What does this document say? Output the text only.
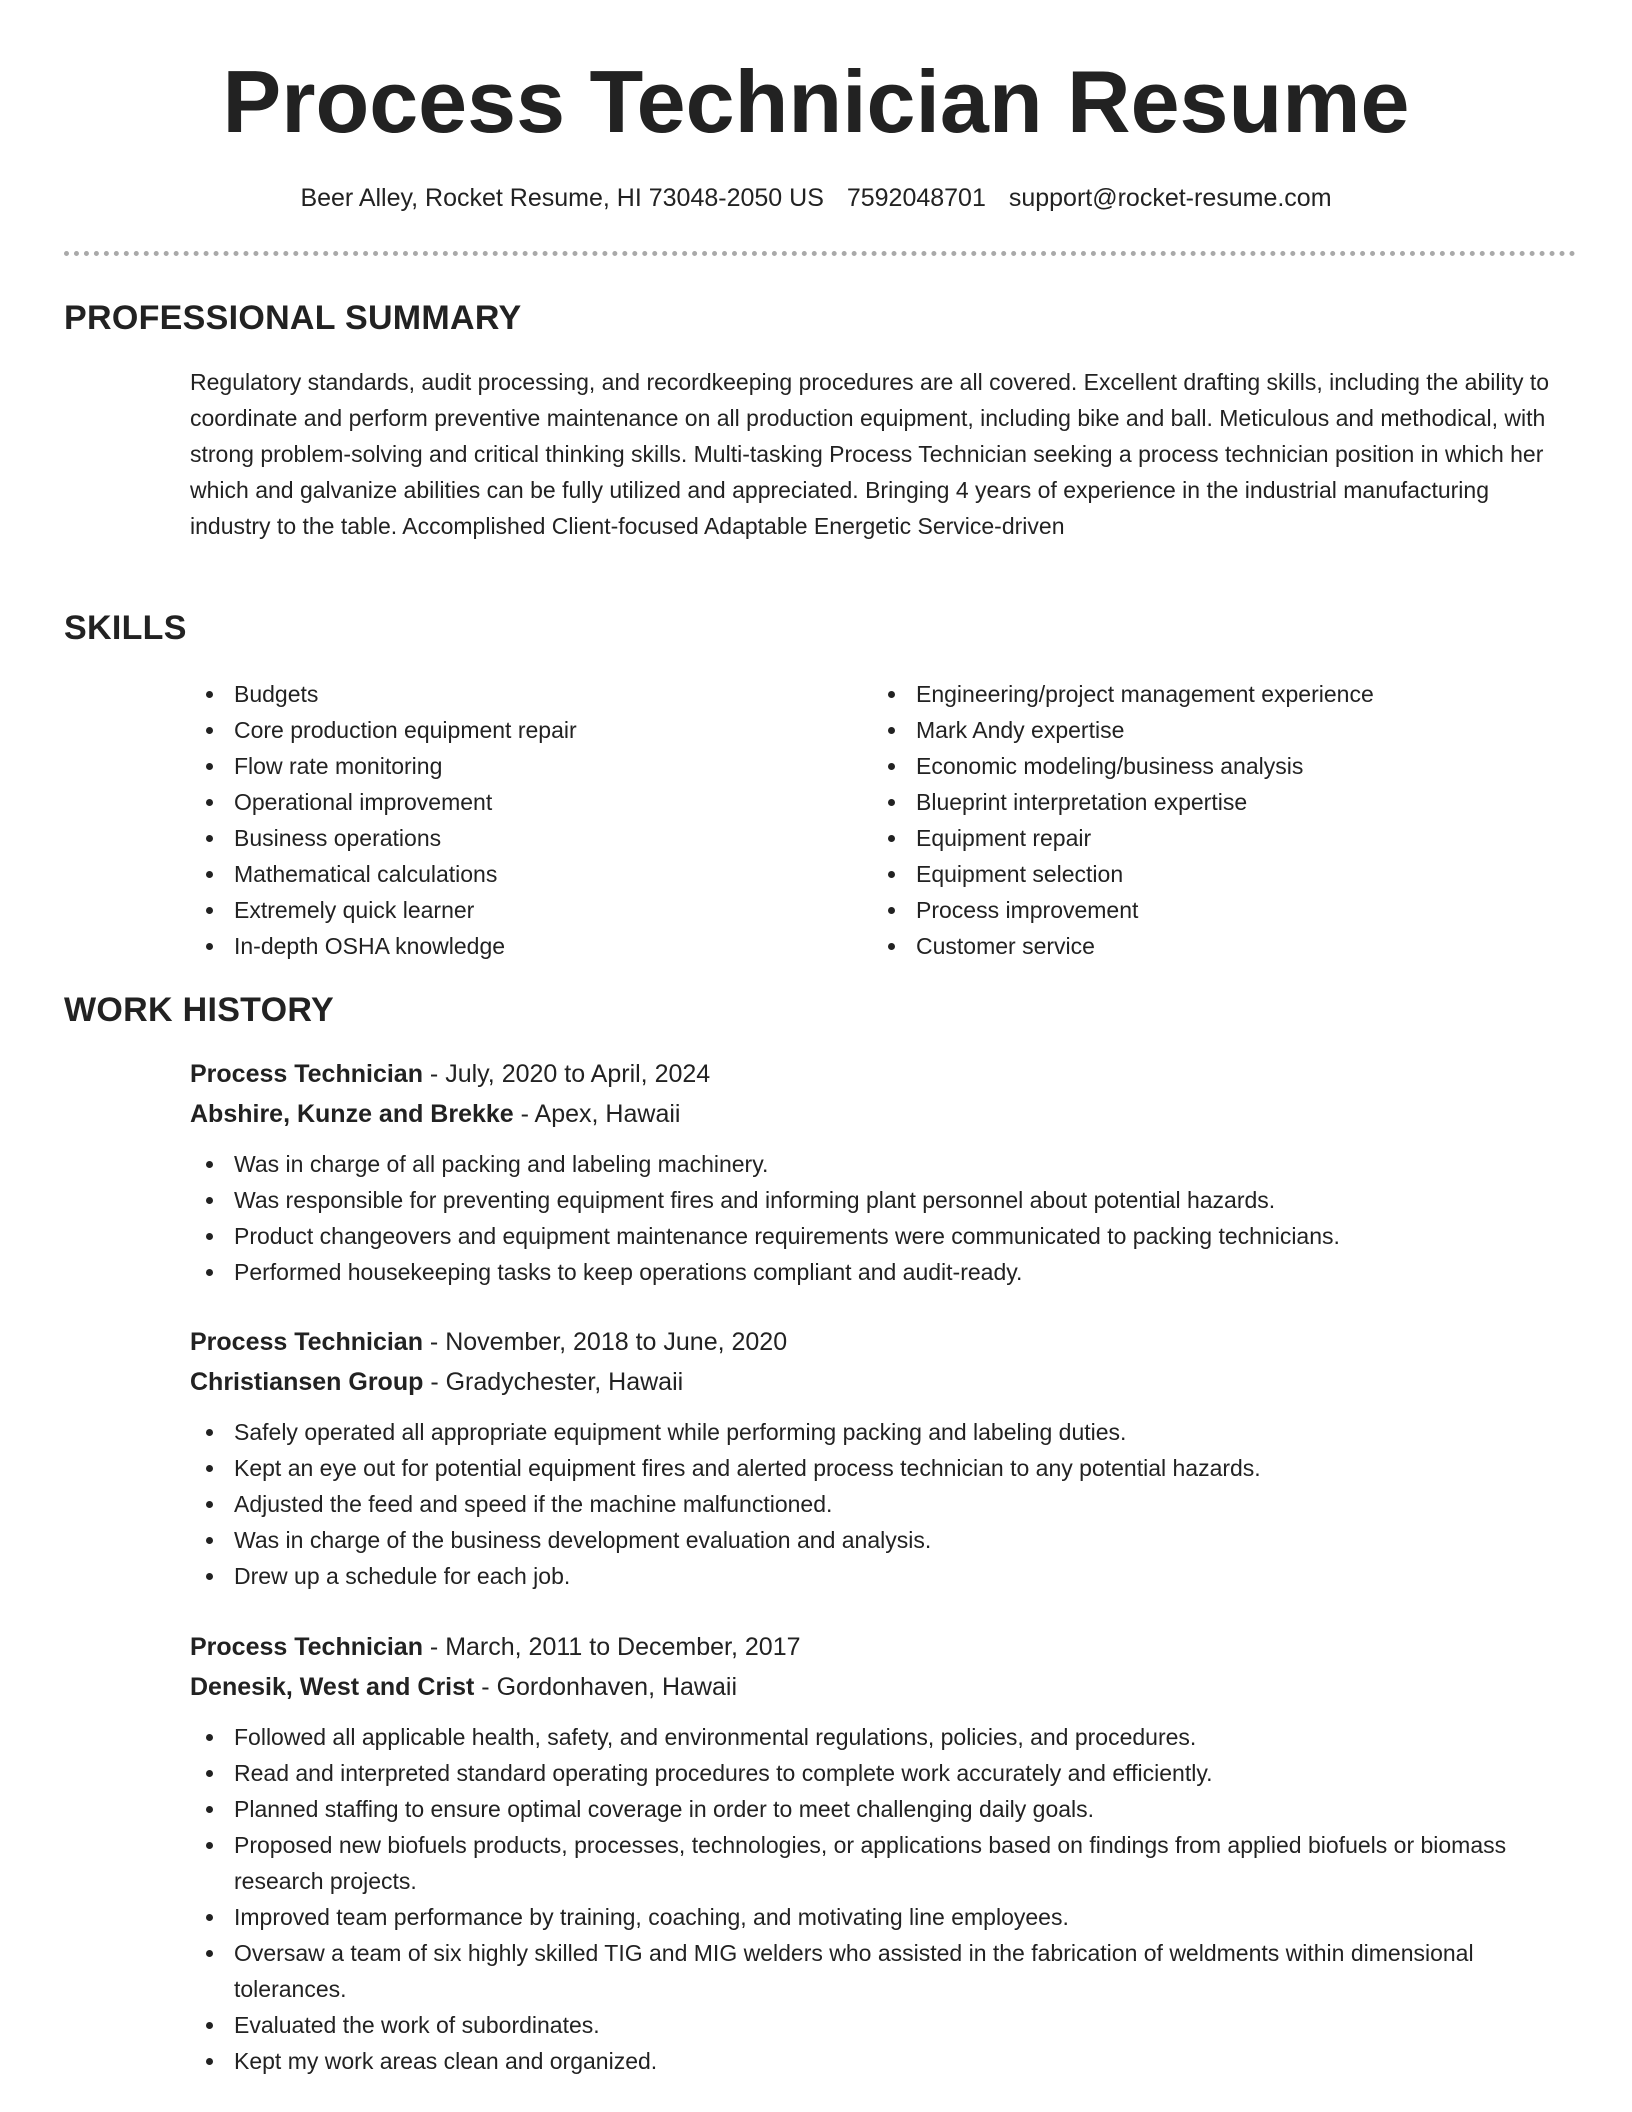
Process Technician Resume
Beer Alley, Rocket Resume, HI 73048-2050 US 7592048701 support@rocket-resume.com
PROFESSIONAL SUMMARY

Regulatory standards, audit processing, and recordkeeping procedures are all covered. Excellent drafting skills, including the ability to coordinate and perform preventive maintenance on all production equipment, including bike and ball. Meticulous and methodical, with strong problem-solving and critical thinking skills. Multi-tasking Process Technician seeking a process technician position in which her which and galvanize abilities can be fully utilized and appreciated. Bringing 4 years of experience in the industrial manufacturing industry to the table. Accomplished Client-focused Adaptable Energetic Service-driven

SKILLS
Budgets
Core production equipment repair
Flow rate monitoring
Operational improvement
Business operations
Mathematical calculations
Extremely quick learner
In-depth OSHA knowledge
Engineering/project management experience
Mark Andy expertise
Economic modeling/business analysis
Blueprint interpretation expertise
Equipment repair
Equipment selection
Process improvement
Customer service
WORK HISTORY
Process Technician - July, 2020 to April, 2024
Abshire, Kunze and Brekke - Apex, Hawaii
Was in charge of all packing and labeling machinery.
Was responsible for preventing equipment fires and informing plant personnel about potential hazards.
Product changeovers and equipment maintenance requirements were communicated to packing technicians.
Performed housekeeping tasks to keep operations compliant and audit-ready.
Process Technician - November, 2018 to June, 2020
Christiansen Group - Gradychester, Hawaii
Safely operated all appropriate equipment while performing packing and labeling duties.
Kept an eye out for potential equipment fires and alerted process technician to any potential hazards.
Adjusted the feed and speed if the machine malfunctioned.
Was in charge of the business development evaluation and analysis.
Drew up a schedule for each job.
Process Technician - March, 2011 to December, 2017
Denesik, West and Crist - Gordonhaven, Hawaii
Followed all applicable health, safety, and environmental regulations, policies, and procedures.
Read and interpreted standard operating procedures to complete work accurately and efficiently.
Planned staffing to ensure optimal coverage in order to meet challenging daily goals.
Proposed new biofuels products, processes, technologies, or applications based on findings from applied biofuels or biomass research projects.
Improved team performance by training, coaching, and motivating line employees.
Oversaw a team of six highly skilled TIG and MIG welders who assisted in the fabrication of weldments within dimensional tolerances.
Evaluated the work of subordinates.
Kept my work areas clean and organized.
